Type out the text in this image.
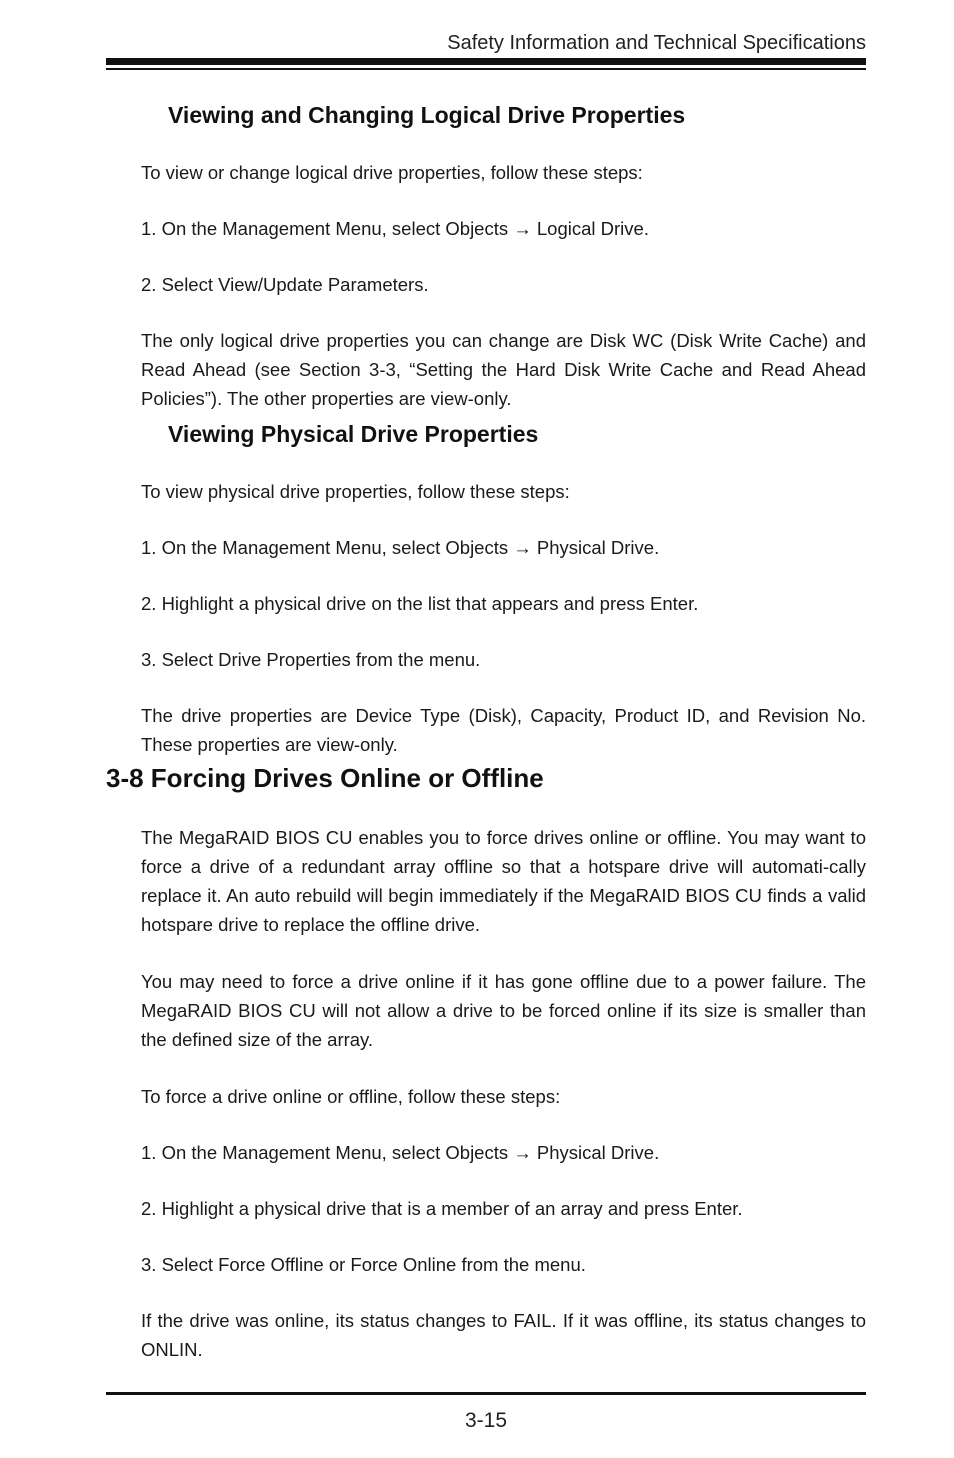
Safety Information and Technical Specifications
Viewing and Changing Logical Drive Properties
To view or change logical drive properties, follow these steps:
1. On the Management Menu, select Objects → Logical Drive.
2. Select View/Update Parameters.
The only logical drive properties you can change are Disk WC (Disk Write Cache) and Read Ahead (see Section 3-3, “Setting the Hard Disk Write Cache and Read Ahead Policies”). The other properties are view-only.
Viewing Physical Drive Properties
To view physical drive properties, follow these steps:
1. On the Management Menu, select Objects → Physical Drive.
2. Highlight a physical drive on the list that appears and press Enter.
3. Select Drive Properties from the menu.
The drive properties are Device Type (Disk), Capacity, Product ID, and Revision No. These properties are view-only.
3-8 Forcing Drives Online or Offline
The MegaRAID BIOS CU enables you to force drives online or offline. You may want to force a drive of a redundant array offline so that a hotspare drive will automati-cally replace it. An auto rebuild will begin immediately if the MegaRAID BIOS CU finds a valid hotspare drive to replace the offline drive.
You may need to force a drive online if it has gone offline due to a power failure. The MegaRAID BIOS CU will not allow a drive to be forced online if its size is smaller than the defined size of the array.
To force a drive online or offline, follow these steps:
1. On the Management Menu, select Objects → Physical Drive.
2. Highlight a physical drive that is a member of an array and press Enter.
3. Select Force Offline or Force Online from the menu.
If the drive was online, its status changes to FAIL. If it was offline, its status changes to ONLIN.
3-15
